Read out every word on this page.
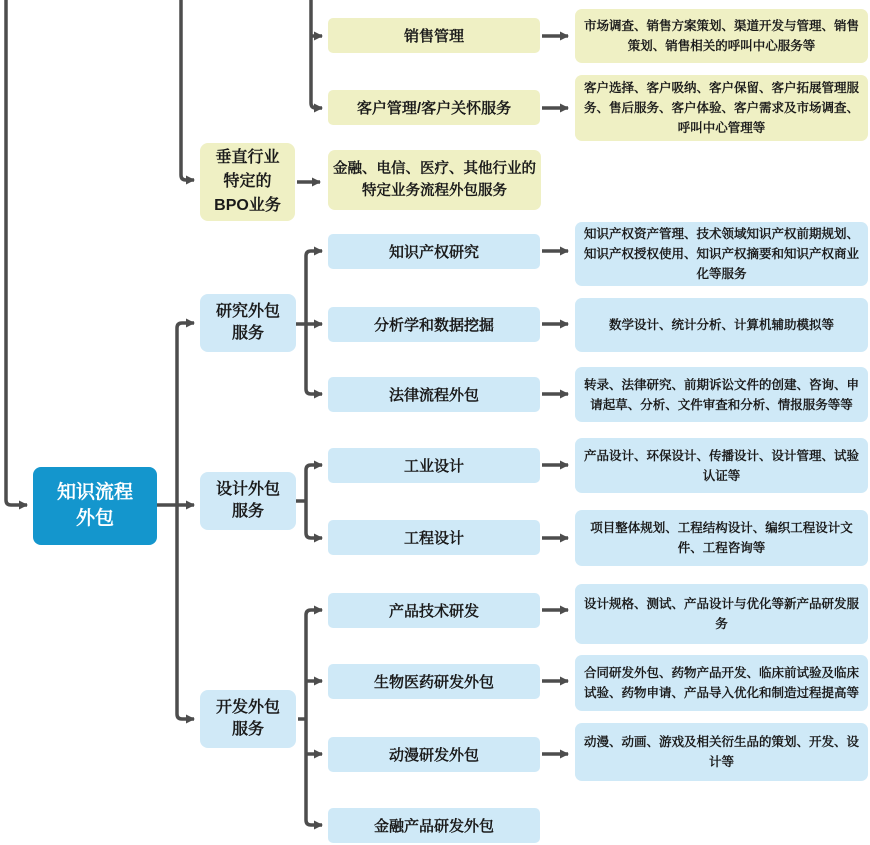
知识流程
外包
销售管理
市场调查、销售方案策划、渠道开发与管理、销售策划、销售相关的呼叫中心服务等
客户管理/客户关怀服务
客户选择、客户吸纳、客户保留、客户拓展管理服务、售后服务、客户体验、客户需求及市场调查、呼叫中心管理等
垂直行业
特定的
BPO业务
金融、电信、医疗、其他行业的特定业务流程外包服务
研究外包
服务
知识产权研究
知识产权资产管理、技术领域知识产权前期规划、知识产权授权使用、知识产权摘要和知识产权商业化等服务
分析学和数据挖掘	数学设计、统计分析、计算机辅助模拟等
法律流程外包
转录、法律研究、前期诉讼文件的创建、咨询、申请起草、分析、文件审查和分析、情报服务等等
设计外包
服务
工业设计
产品设计、环保设计、传播设计、设计管理、试验认证等
工程设计
项目整体规划、工程结构设计、编织工程设计文件、工程咨询等
开发外包
服务
产品技术研发	设计规格、测试、产品设计与优化等新产品研发服务
生物医药研发外包
合同研发外包、药物产品开发、临床前试验及临床试验、药物申请、产品导入优化和制造过程提高等
动漫研发外包
动漫、动画、游戏及相关衍生品的策划、开发、设计等
金融产品研发外包
